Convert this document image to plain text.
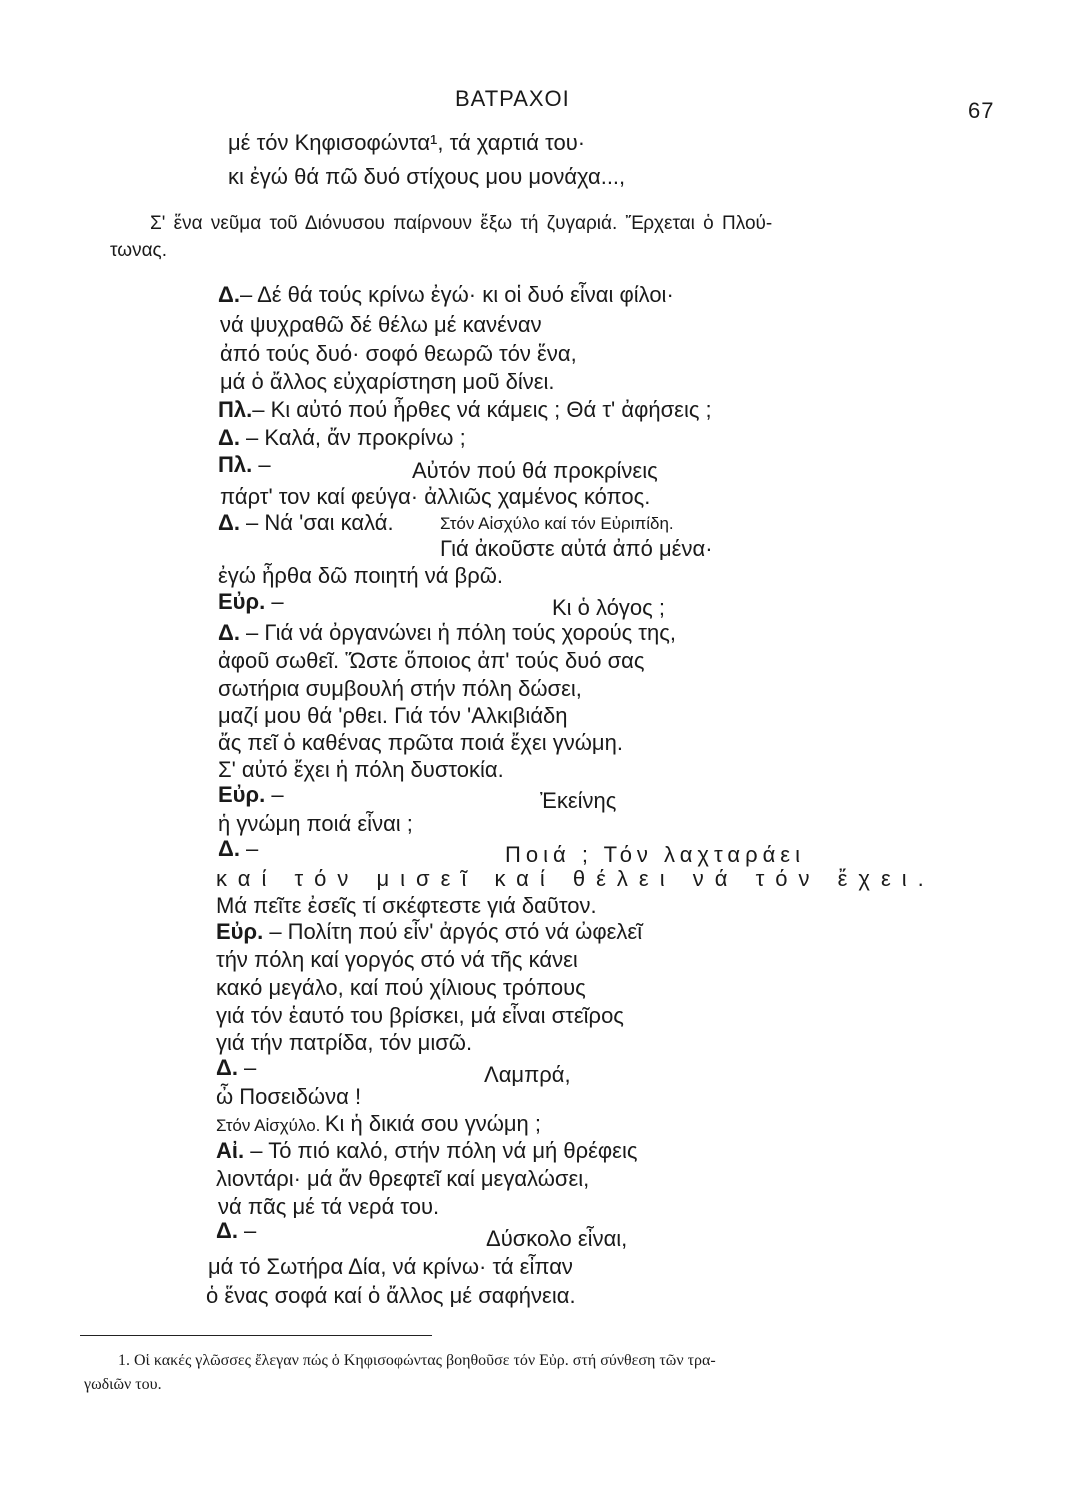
ΒΑΤΡΑΧΟΙ	67
μέ τόν Κηφισοφώντα¹, τά χαρτιά του·
κι ἐγώ θά πῶ δυό στίχους μου μονάχα...,
Σ' ἕνα νεῦμα τοῦ Διόνυσου παίρνουν ἔξω τή ζυγαριά. Ἔρχεται ὁ Πλού-
τωνας.
Δ.– Δέ θά τούς κρίνω ἐγώ· κι οἱ δυό εἶναι φίλοι·
νά ψυχραθῶ δέ θέλω μέ κανέναν
ἀπό τούς δυό· σοφό θεωρῶ τόν ἕνα,
μά ὁ ἄλλος εὐχαρίστηση μοῦ δίνει.
Πλ.– Κι αὐτό πού ἦρθες νά κάμεις ; Θά τ' ἀφήσεις ;
Δ. – Καλά, ἄν προκρίνω ;
Πλ. –	Αὐτόν πού θά προκρίνεις
πάρτ' τον καί φεύγα· ἀλλιῶς χαμένος κόπος.
Δ. – Νά 'σαι καλά.	Στόν Αἰσχύλο καί τόν Εὐριπίδη.
Γιά ἀκοῦστε αὐτά ἀπό μένα·
ἐγώ ἦρθα δῶ ποιητή νά βρῶ.
Εὐρ. –	Κι ὁ λόγος ;
Δ. – Γιά νά ὀργανώνει ἡ πόλη τούς χορούς της,
ἀφοῦ σωθεῖ. Ὥστε ὅποιος ἀπ' τούς δυό σας
σωτήρια συμβουλή στήν πόλη δώσει,
μαζί μου θά 'ρθει. Γιά τόν 'Αλκιβιάδη
ἄς πεῖ ὁ καθένας πρῶτα ποιά ἔχει γνώμη.
Σ' αὐτό ἔχει ἡ πόλη δυστοκία.
Εὐρ. –	Ἐκείνης
ἡ γνώμη ποιά εἶναι ;
Δ. –	Ποιά ; Τόν λαχταράει
καί τόν μισεῖ καί θέλει νά τόν ἔχει.
Μά πεῖτε ἐσεῖς τί σκέφτεστε γιά δαῦτον.
Εὐρ. – Πολίτη πού εἶν' ἀργός στό νά ὠφελεῖ
τήν πόλη καί γοργός στό νά τῆς κάνει
κακό μεγάλο, καί πού χίλιους τρόπους
γιά τόν ἑαυτό του βρίσκει, μά εἶναι στεῖρος
γιά τήν πατρίδα, τόν μισῶ.
Δ. –	Λαμπρά,
ὦ Ποσειδώνα !
Στόν Αἰσχύλο. Κι ἡ δικιά σου γνώμη ;
Αἰ. – Τό πιό καλό, στήν πόλη νά μή θρέφεις
λιοντάρι· μά ἄν θρεφτεῖ καί μεγαλώσει,
νά πᾶς μέ τά νερά του.
Δ. –	Δύσκολο εἶναι,
μά τό Σωτήρα Δία, νά κρίνω· τά εἶπαν
ὁ ἕνας σοφά καί ὁ ἄλλος μέ σαφήνεια.
1. Οἱ κακές γλῶσσες ἔλεγαν πώς ὁ Κηφισοφώντας βοηθοῦσε τόν Εὐρ. στή σύνθεση τῶν τρα-
γωδιῶν του.
